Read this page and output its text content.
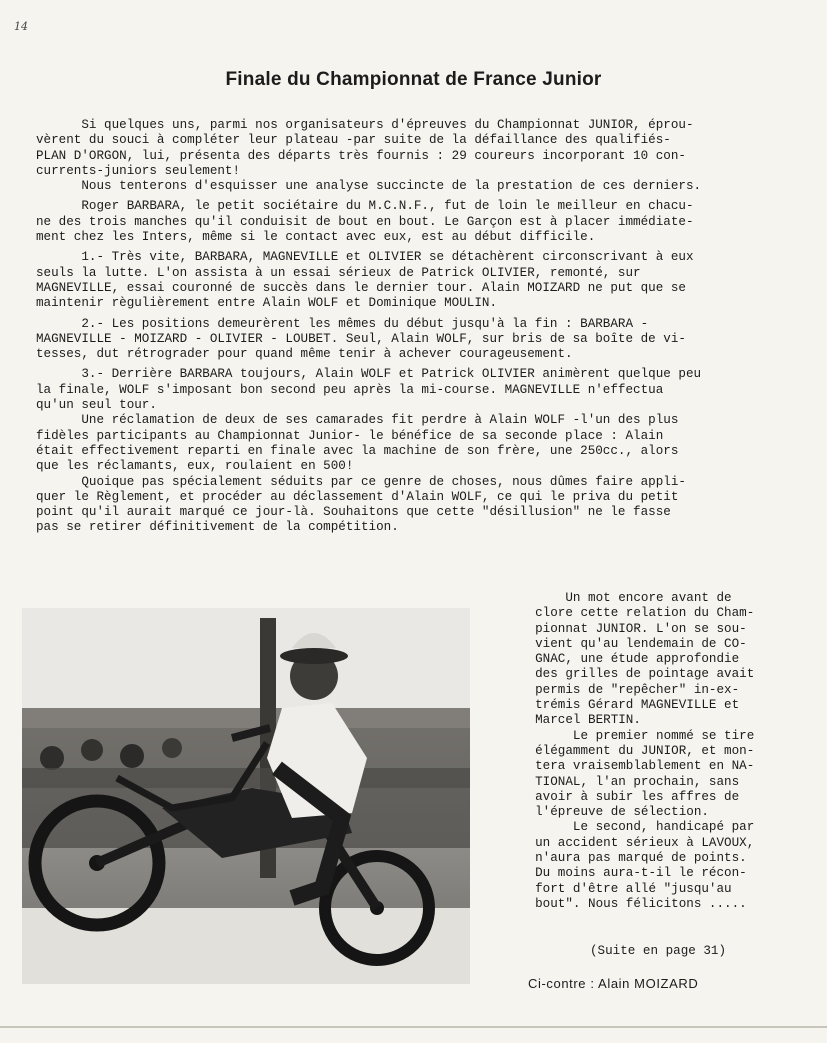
14
Finale du Championnat de France Junior

Si quelques uns, parmi nos organisateurs d'épreuves du Championnat JUNIOR, éprou-
vèrent du souci à compléter leur plateau -par suite de la défaillance des qualifiés-
PLAN D'ORGON, lui, présenta des départs très fournis : 29 coureurs incorporant 10 con-
currents-juniors seulement!
Nous tenterons d'esquisser une analyse succincte de la prestation de ces derniers.

Roger BARBARA, le petit sociétaire du M.C.N.F., fut de loin le meilleur en chacu-
ne des trois manches qu'il conduisit de bout en bout. Le Garçon est à placer immédiate-
ment chez les Inters, même si le contact avec eux, est au début difficile.

1.- Très vite, BARBARA, MAGNEVILLE et OLIVIER se détachèrent circonscrivant à eux
seuls la lutte. L'on assista à un essai sérieux de Patrick OLIVIER, remonté, sur
MAGNEVILLE, essai couronné de succès dans le dernier tour. Alain MOIZARD ne put que se
maintenir règulièrement entre Alain WOLF et Dominique MOULIN.

2.- Les positions demeurèrent les mêmes du début jusqu'à la fin : BARBARA -
MAGNEVILLE - MOIZARD - OLIVIER - LOUBET. Seul, Alain WOLF, sur bris de sa boîte de vi-
tesses, dut rétrograder pour quand même tenir à achever courageusement.

3.- Derrière BARBARA toujours, Alain WOLF et Patrick OLIVIER animèrent quelque peu
la finale, WOLF s'imposant bon second peu après la mi-course. MAGNEVILLE n'effectua
qu'un seul tour.
Une réclamation de deux de ses camarades fit perdre à Alain WOLF -l'un des plus
fidèles participants au Championnat Junior- le bénéfice de sa seconde place : Alain
était effectivement reparti en finale avec la machine de son frère, une 250cc., alors
que les réclamants, eux, roulaient en 500!
Quoique pas spécialement séduits par ce genre de choses, nous dûmes faire appli-
quer le Règlement, et procéder au déclassement d'Alain WOLF, ce qui le priva du petit
point qu'il aurait marqué ce jour-là. Souhaitons que cette "désillusion" ne le fasse
pas se retirer définitivement de la compétition.

Un mot encore avant de
clore cette relation du Cham-
pionnat JUNIOR. L'on se sou-
vient qu'au lendemain de CO-
GNAC, une étude approfondie
des grilles de pointage avait
permis de "repêcher" in-ex-
trémis Gérard MAGNEVILLE et
Marcel BERTIN.

Le premier nommé se tire
élégamment du JUNIOR, et mon-
tera vraisemblablement en NA-
TIONAL, l'an prochain, sans
avoir à subir les affres de
l'épreuve de sélection.

Le second, handicapé par
un accident sérieux à LAVOUX,
n'aura pas marqué de points.
Du moins aura-t-il le récon-
fort d'être allé "jusqu'au
bout". Nous félicitons .....

(Suite en page 31)
Ci-contre : Alain MOIZARD
